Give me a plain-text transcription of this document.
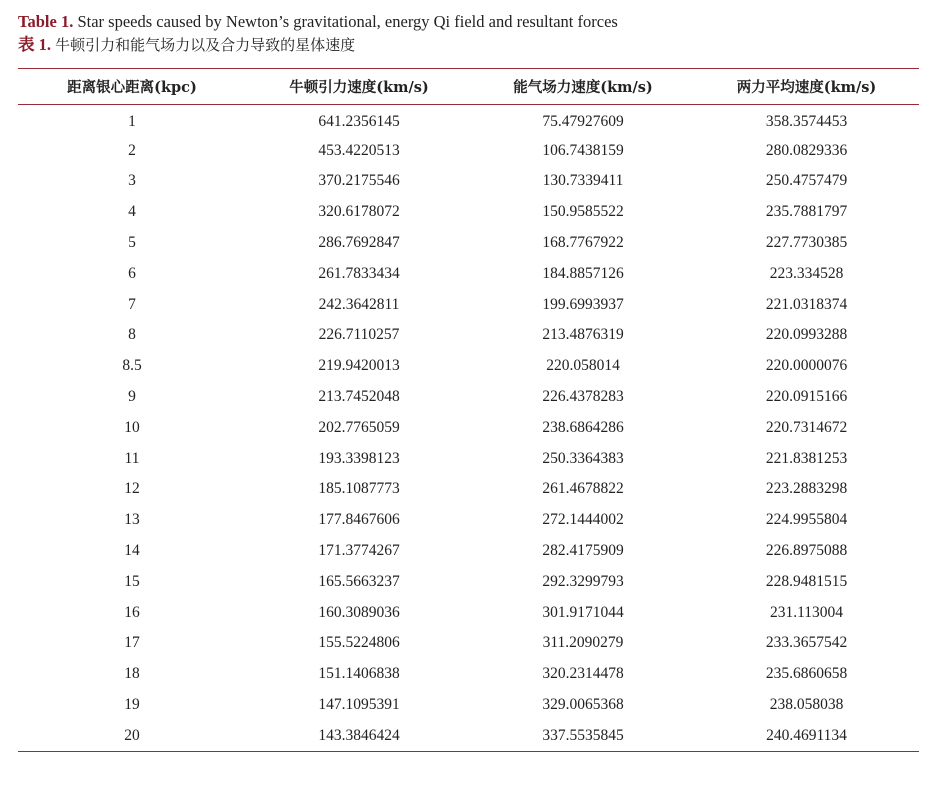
Table 1. Star speeds caused by Newton’s gravitational, energy Qi field and resultant forces
表 1. 牛顿引力和能气场力以及合力导致的星体速度
距离银心距离(kpc)	牛顿引力速度(km/s)	能气场力速度(km/s)	两力平均速度(km/s)
1	641.2356145	75.47927609	358.3574453
2	453.4220513	106.7438159	280.0829336
3	370.2175546	130.7339411	250.4757479
4	320.6178072	150.9585522	235.7881797
5	286.7692847	168.7767922	227.7730385
6	261.7833434	184.8857126	223.334528
7	242.3642811	199.6993937	221.0318374
8	226.7110257	213.4876319	220.0993288
8.5	219.9420013	220.058014	220.0000076
9	213.7452048	226.4378283	220.0915166
10	202.7765059	238.6864286	220.7314672
11	193.3398123	250.3364383	221.8381253
12	185.1087773	261.4678822	223.2883298
13	177.8467606	272.1444002	224.9955804
14	171.3774267	282.4175909	226.8975088
15	165.5663237	292.3299793	228.9481515
16	160.3089036	301.9171044	231.113004
17	155.5224806	311.2090279	233.3657542
18	151.1406838	320.2314478	235.6860658
19	147.1095391	329.0065368	238.058038
20	143.3846424	337.5535845	240.4691134
